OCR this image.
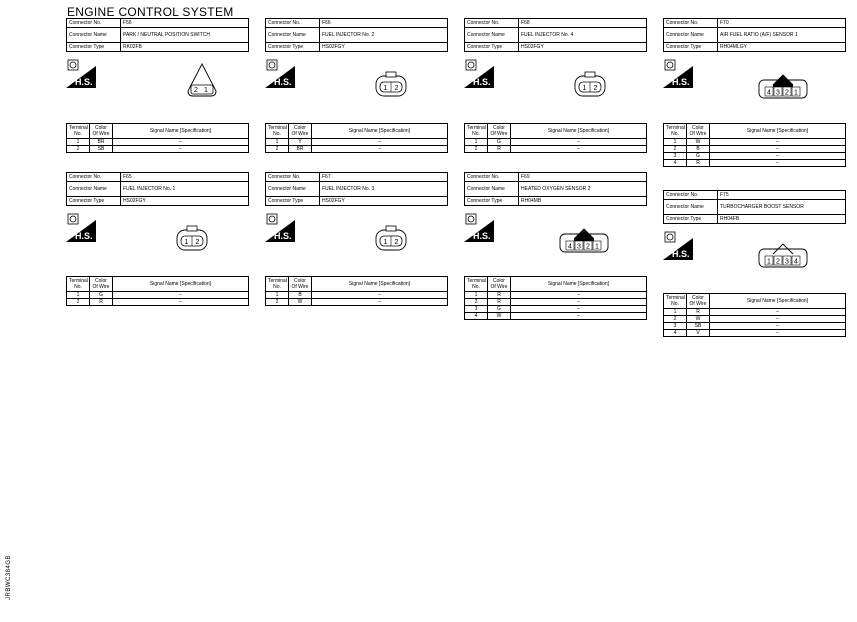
ENGINE CONTROL SYSTEM
Connector No.	F56
Connector Name	PARK / NEUTRAL POSITION SWITCH
Connector Type	RK02FB
H.S.
2 1
Terminal No.	Color Of Wire	Signal Name [Specification]
1	BR	–
2	SB	–
Connector No.	F66
Connector Name	FUEL INJECTOR No. 2
Connector Type	HS02FGY
H.S.
1 2
Terminal No.	Color Of Wire	Signal Name [Specification]
1	Y	–
2	BR	–
Connector No.	F68
Connector Name	FUEL INJECTOR No. 4
Connector Type	HS02FGY
H.S.
1 2
Terminal No.	Color Of Wire	Signal Name [Specification]
1	G	–
2	R	–
Connector No.	F70
Connector Name	AIR FUEL RATIO (A/F) SENSOR 1
Connector Type	RH04MLGY
H.S.
4 3 2 1
Terminal No.	Color Of Wire	Signal Name [Specification]
1	W	–
2	B	–
3	G	–
4	R	–
Connector No.	F65
Connector Name	FUEL INJECTOR No. 1
Connector Type	HS02FGY
H.S.
1 2
Terminal No.	Color Of Wire	Signal Name [Specification]
1	G	–
2	R	–
Connector No.	F67
Connector Name	FUEL INJECTOR No. 3
Connector Type	HS02FGY
H.S.
1 2
Terminal No.	Color Of Wire	Signal Name [Specification]
1	B	–
2	W	–
Connector No.	F69
Connector Name	HEATED OXYGEN SENSOR 2
Connector Type	RH04MB
H.S.
4 3 2 1
Terminal No.	Color Of Wire	Signal Name [Specification]
1	R	–
2	R	–
3	G	–
4	W	–
Connector No.	F75
Connector Name	TURBOCHARGER BOOST SENSOR
Connector Type	RH04FB
H.S.
1 2 3 4
Terminal No.	Color Of Wire	Signal Name [Specification]
1	R	–
2	W	–
3	SB	–
4	V	–
JRBWC384GB
